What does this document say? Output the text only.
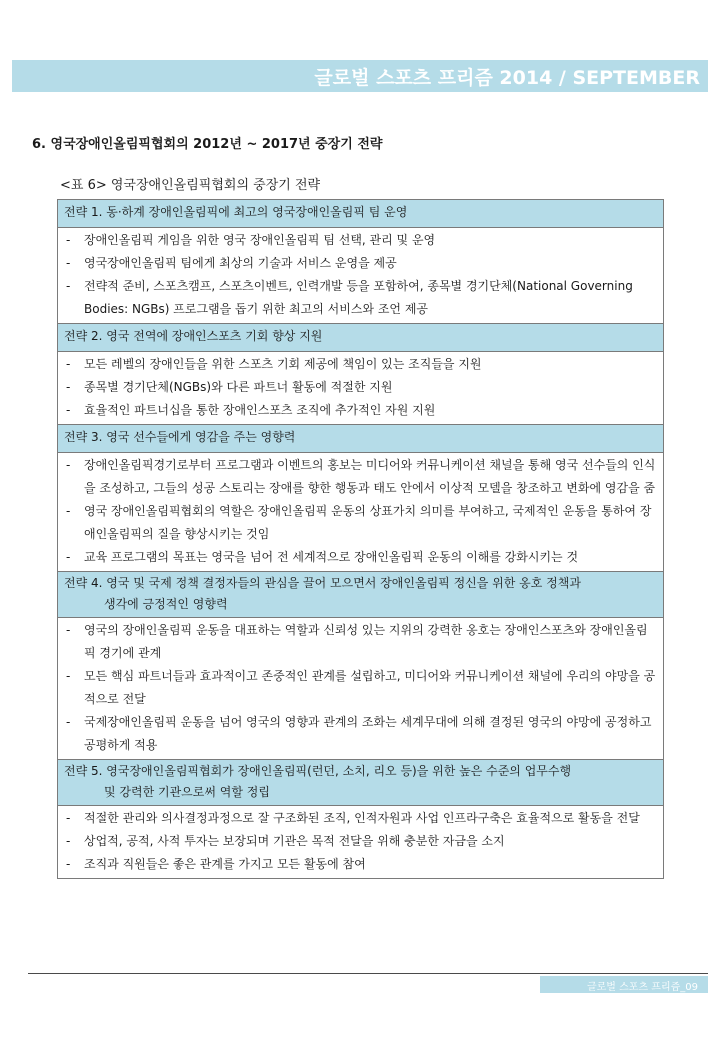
글로벌 스포츠 프리즘 2014 / SEPTEMBER
6. 영국장애인올림픽협회의 2012년 ~ 2017년 중장기 전략
<표 6> 영국장애인올림픽협회의 중장기 전략
전략 1. 동·하계 장애인올림픽에 최고의 영국장애인올림픽 팀 운영

- 장애인올림픽 게임을 위한 영국 장애인올림픽 팀 선택, 관리 및 운영
- 영국장애인올림픽 팀에게 최상의 기술과 서비스 운영을 제공
- 전략적 준비, 스포츠캠프, 스포츠이벤트, 인력개발 등을 포함하여, 종목별 경기단체(National Governing Bodies: NGBs) 프로그램을 돕기 위한 최고의 서비스와 조언 제공

전략 2. 영국 전역에 장애인스포츠 기회 향상 지원

- 모든 레벨의 장애인들을 위한 스포츠 기회 제공에 책임이 있는 조직들을 지원
- 종목별 경기단체(NGBs)와 다른 파트너 활동에 적절한 지원
- 효율적인 파트너십을 통한 장애인스포츠 조직에 추가적인 자원 지원

전략 3. 영국 선수들에게 영감을 주는 영향력

- 장애인올림픽경기로부터 프로그램과 이벤트의 홍보는 미디어와 커뮤니케이션 채널을 통해 영국 선수들의 인식을 조성하고, 그들의 성공 스토리는 장애를 향한 행동과 태도 안에서 이상적 모델을 창조하고 변화에 영감을 줌
- 영국 장애인올림픽협회의 역할은 장애인올림픽 운동의 상표가치 의미를 부여하고, 국제적인 운동을 통하여 장애인올림픽의 질을 향상시키는 것임
- 교육 프로그램의 목표는 영국을 넘어 전 세계적으로 장애인올림픽 운동의 이해를 강화시키는 것

전략 4. 영국 및 국제 정책 결정자들의 관심을 끌어 모으면서 장애인올림픽 정신을 위한 옹호 정책과
생각에 긍정적인 영향력

- 영국의 장애인올림픽 운동을 대표하는 역할과 신뢰성 있는 지위의 강력한 옹호는 장애인스포츠와 장애인올림픽 경기에 관계
- 모든 핵심 파트너들과 효과적이고 존중적인 관계를 설립하고, 미디어와 커뮤니케이션 채널에 우리의 야망을 공적으로 전달
- 국제장애인올림픽 운동을 넘어 영국의 영향과 관계의 조화는 세계무대에 의해 결정된 영국의 야망에 공정하고 공평하게 적용

전략 5. 영국장애인올림픽협회가 장애인올림픽(런던, 소치, 리오 등)을 위한 높은 수준의 업무수행
및 강력한 기관으로써 역할 정립

- 적절한 관리와 의사결정과정으로 잘 구조화된 조직, 인적자원과 사업 인프라구축은 효율적으로 활동을 전달
- 상업적, 공적, 사적 투자는 보장되며 기관은 목적 전달을 위해 충분한 자금을 소지
- 조직과 직원들은 좋은 관계를 가지고 모든 활동에 참여
글로벌 스포츠 프리즘_09
